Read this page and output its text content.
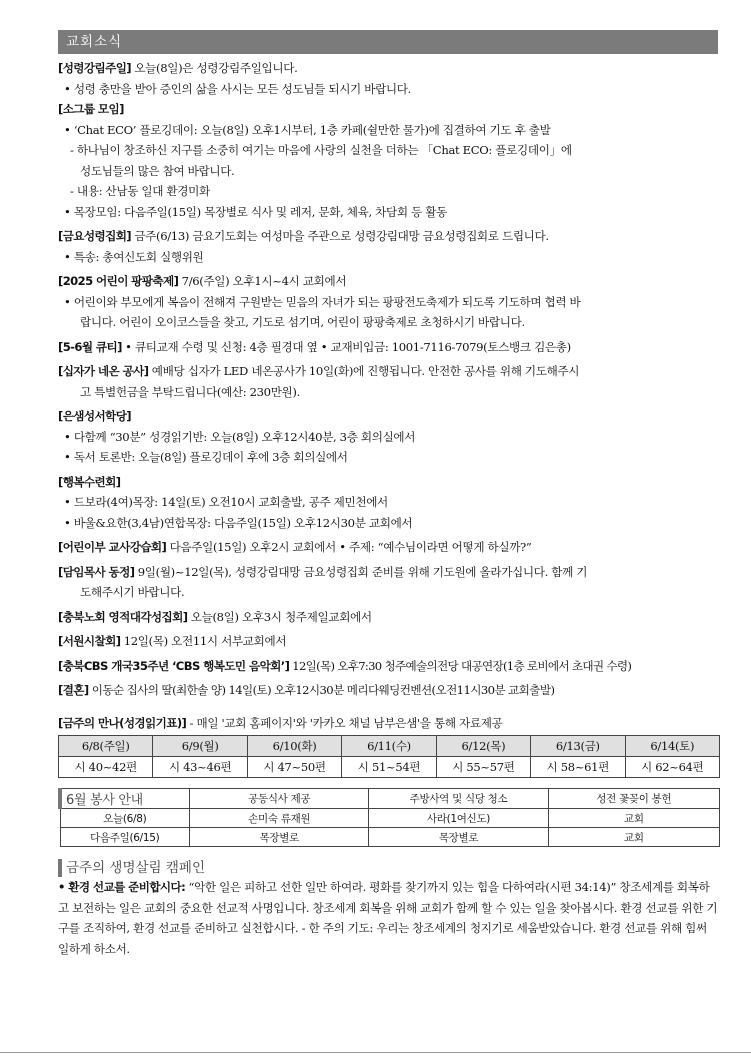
교회소식
[성령강림주일] 오늘(8일)은 성령강림주일입니다.
• 성령 충만을 받아 증인의 삶을 사시는 모든 성도님들 되시기 바랍니다.
[소그룹 모임]
• ‘Chat ECO’ 플로깅데이: 오늘(8일) 오후1시부터, 1층 카페(쉴만한 물가)에 집결하여 기도 후 출발
- 하나님이 창조하신 지구를 소중히 여기는 마음에 사랑의 실천을 더하는 「Chat ECO: 플로깅데이」에
성도님들의 많은 참여 바랍니다.
- 내용: 산남동 일대 환경미화
• 목장모임: 다음주일(15일) 목장별로 식사 및 레저, 문화, 체육, 차담회 등 활동
[금요성령집회] 금주(6/13) 금요기도회는 여성마을 주관으로 성령강림대망 금요성령집회로 드립니다.
• 특송: 총여신도회 실행위원
[2025 어린이 팡팡축제] 7/6(주일) 오후1시~4시 교회에서
• 어린이와 부모에게 복음이 전해져 구원받는 믿음의 자녀가 되는 팡팡전도축제가 되도록 기도하며 협력 바
랍니다. 어린이 오이코스들을 찾고, 기도로 섬기며, 어린이 팡팡축제로 초청하시기 바랍니다.
[5-6월 큐티] • 큐티교재 수령 및 신청: 4층 필경대 옆 • 교재비입금: 1001-7116-7079(토스뱅크 김은총)
[십자가 네온 공사] 예배당 십자가 LED 네온공사가 10일(화)에 진행됩니다. 안전한 공사를 위해 기도해주시
고 특별헌금을 부탁드립니다(예산: 230만원).
[은샘성서학당]
• 다함께 “30분” 성경읽기반: 오늘(8일) 오후12시40분, 3층 회의실에서
• 독서 토론반: 오늘(8일) 플로깅데이 후에 3층 회의실에서
[행복수련회]
• 드보라(4여)목장: 14일(토) 오전10시 교회출발, 공주 제민천에서
• 바울&요한(3,4남)연합목장: 다음주일(15일) 오후12시30분 교회에서
[어린이부 교사강습회] 다음주일(15일) 오후2시 교회에서 • 주제: “예수님이라면 어떻게 하실까?”
[담임목사 동정] 9일(월)~12일(목), 성령강림대망 금요성령집회 준비를 위해 기도원에 올라가십니다. 함께 기
도해주시기 바랍니다.
[충북노회 영적대각성집회] 오늘(8일) 오후3시 청주제일교회에서
[서원시찰회] 12일(목) 오전11시 서부교회에서
[충북CBS 개국35주년 ‘CBS 행복도민 음악회’] 12일(목) 오후7:30 청주예술의전당 대공연장(1층 로비에서 초대권 수령)
[결혼] 이동순 집사의 딸(최한솔 양) 14일(토) 오후12시30분 메리다웨딩컨벤션(오전11시30분 교회출발)
[금주의 만나(성경읽기표)] - 매일 '교회 홈페이지'와 '카카오 채널 남부은샘'을 통해 자료제공
6/8(주일)	6/9(월)	6/10(화)	6/11(수)	6/12(목)	6/13(금)	6/14(토)
시 40~42편	시 43~46편	시 47~50편	시 51~54편	시 55~57편	시 58~61편	시 62~64편
6월 봉사 안내	공동식사 제공	주방사역 및 식당 청소	성전 꽃꽂이 봉헌
오늘(6/8)	손미숙 류재원	사라(1여신도)	교회
다음주일(6/15)	목장별로	목장별로	교회
금주의 생명살림 캠페인
• 환경 선교를 준비합시다: “악한 일은 피하고 선한 일만 하여라. 평화를 찾기까지 있는 힘을 다하여라(시편 34:14)” 창조세계를 회복하고 보전하는 일은 교회의 중요한 선교적 사명입니다. 창조세계 회복을 위해 교회가 함께 할 수 있는 일을 찾아봅시다. 환경 선교를 위한 기구를 조직하여, 환경 선교를 준비하고 실천합시다. - 한 주의 기도: 우리는 창조세계의 청지기로 세움받았습니다. 환경 선교를 위해 힘써 일하게 하소서.
